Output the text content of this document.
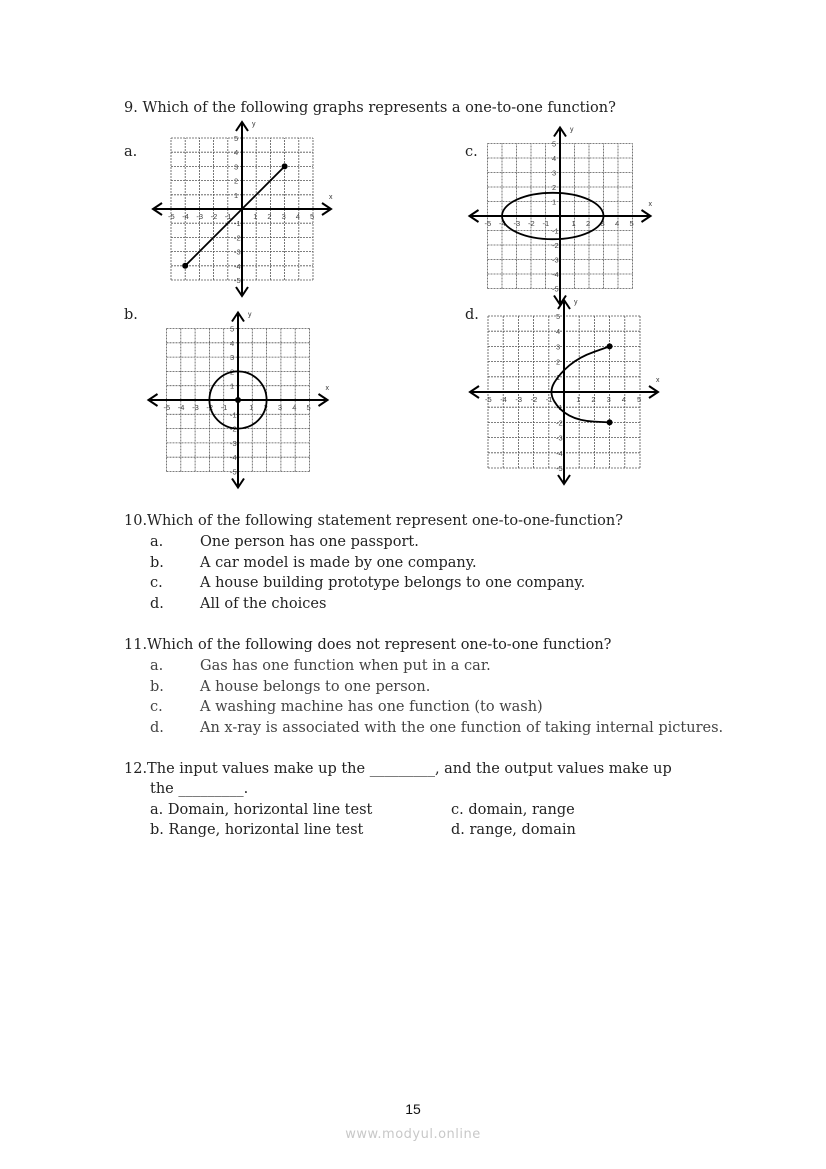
9. Which of the following graphs represents a one-to-one function?
a.	c.
b.	d.
x
y
-5
-5
-4
-4
-3
-3
-2
-2
-1
-1
1
1
2
2
3
3
4
4
5
5
x
y
-5
-5
-4
-4
-3
-3
-2
-2
-1
-1
1
1
2
2
3
3
4
4
5
5
x
y
-5
-5
-4
-4
-3
-3
-2
-2
-1
-1
1
1
2
2
3
3
4
4
5
5
x
y
-5
-5
-4
-4
-3
-3
-2
-2
-1
-1
1
1
2
2
3
3
4
4
5
5
10.Which of the following statement represent one-to-one-function?
a.	One person has one passport.
b. A car model is made by one company.
c.	A house building prototype belongs to one company.
d. All of the choices
11.Which of the following does not represent one-to-one function?
a.	Gas has one function when put in a car.
b. A house belongs to one person.
c.	A washing machine has one function (to wash)
d. An x-ray is associated with the one function of taking internal pictures.
12.The input values make up the _________, and the output values make up
the _________.
a. Domain, horizontal line test
b. Range, horizontal line test
c. domain, range
d. range, domain
15
www.modyul.online
